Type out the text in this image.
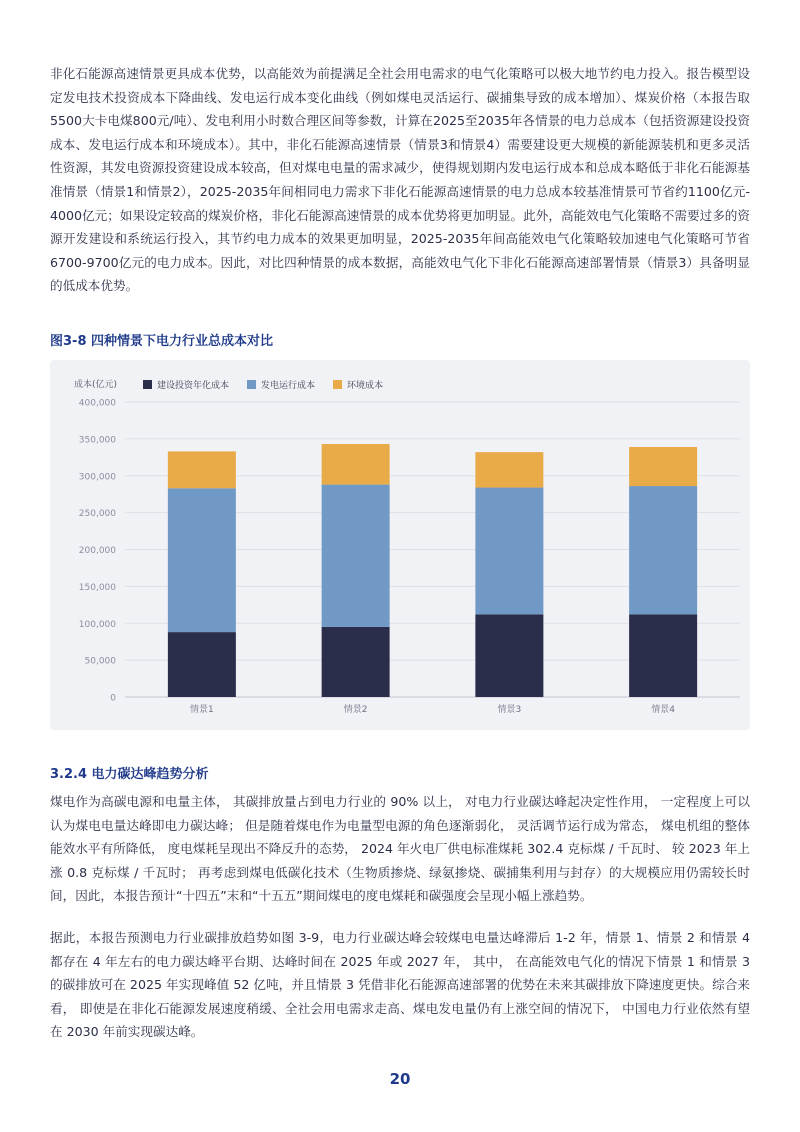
非化石能源高速情景更具成本优势，以高能效为前提满足全社会用电需求的电气化策略可以极大地节约电力投入。报告模型设定发电技术投资成本下降曲线、发电运行成本变化曲线（例如煤电灵活运行、碳捕集导致的成本增加）、煤炭价格（本报告取5500大卡电煤800元/吨）、发电利用小时数合理区间等参数，计算在2025至2035年各情景的电力总成本（包括资源建设投资成本、发电运行成本和环境成本）。其中，非化石能源高速情景（情景3和情景4）需要建设更大规模的新能源装机和更多灵活性资源，其发电资源投资建设成本较高，但对煤电电量的需求减少，使得规划期内发电运行成本和总成本略低于非化石能源基准情景（情景1和情景2），2025-2035年间相同电力需求下非化石能源高速情景的电力总成本较基准情景可节省约1100亿元- 4000亿元；如果设定较高的煤炭价格，非化石能源高速情景的成本优势将更加明显。此外，高能效电气化策略不需要过多的资源开发建设和系统运行投入，其节约电力成本的效果更加明显，2025-2035年间高能效电气化策略较加速电气化策略可节省6700-9700亿元的电力成本。因此，对比四种情景的成本数据，高能效电气化下非化石能源高速部署情景（情景3）具备明显的低成本优势。

图3-8 四种情景下电力行业总成本对比

0
50,000
100,000
150,000
200,000
250,000
300,000
350,000
400,000
成本(亿元)	建设投资年化成本	发电运行成本	环境成本
情景1	情景2	情景3	情景4

3.2.4 电力碳达峰趋势分析

煤电作为高碳电源和电量主体， 其碳排放量占到电力行业的 90% 以上， 对电力行业碳达峰起决定性作用， 一定程度上可以认为煤电电量达峰即电力碳达峰； 但是随着煤电作为电量型电源的角色逐渐弱化， 灵活调节运行成为常态， 煤电机组的整体能效水平有所降低， 度电煤耗呈现出不降反升的态势， 2024 年火电厂供电标准煤耗 302.4 克标煤 / 千瓦时、 较 2023 年上涨 0.8 克标煤 / 千瓦时； 再考虑到煤电低碳化技术（生物质掺烧、绿氨掺烧、碳捕集利用与封存）的大规模应用仍需较长时间，因此，本报告预计“十四五”末和“十五五”期间煤电的度电煤耗和碳强度会呈现小幅上涨趋势。

据此，本报告预测电力行业碳排放趋势如图 3-9，电力行业碳达峰会较煤电电量达峰滞后 1-2 年，情景 1、情景 2 和情景 4 都存在 4 年左右的电力碳达峰平台期、达峰时间在 2025 年或 2027 年， 其中， 在高能效电气化的情况下情景 1 和情景 3 的碳排放可在 2025 年实现峰值 52 亿吨，并且情景 3 凭借非化石能源高速部署的优势在未来其碳排放下降速度更快。综合来看， 即使是在非化石能源发展速度稍缓、全社会用电需求走高、煤电发电量仍有上涨空间的情况下， 中国电力行业依然有望在 2030 年前实现碳达峰。

20
